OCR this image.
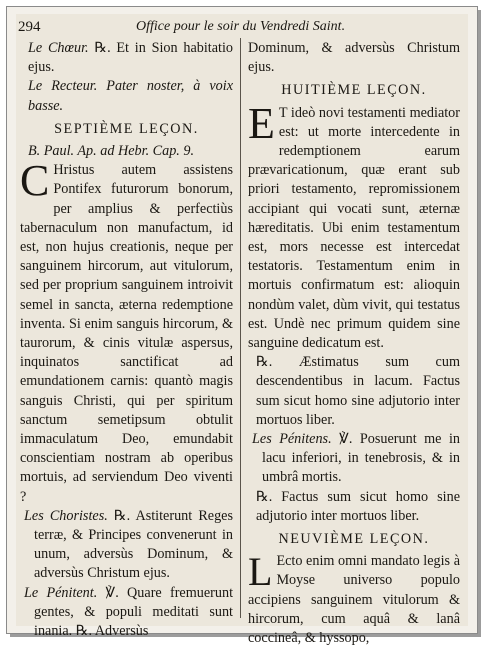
294	Office pour le soir du Vendredi Saint.

Le Chœur. ℞. Et in Sion habitatio ejus.

Le Recteur. Pater noster, à voix basse.

SEPTIÈME LEÇON.

B. Paul. Ap. ad Hebr. Cap. 9.

C Hristus autem assistens Pontifex futurorum bonorum, per amplius & perfectiùs tabernaculum non manufactum, id est, non hujus creationis, neque per sanguinem hircorum, aut vitulorum, sed per proprium sanguinem introivit semel in sancta, æterna redemptione inventa. Si enim sanguis hircorum, & taurorum, & cinis vitulæ aspersus, inquinatos sanctificat ad emundationem carnis: quantò magis sanguis Christi, qui per spiritum sanctum semetipsum obtulit immaculatum Deo, emundabit conscientiam nostram ab operibus mortuis, ad serviendum Deo viventi ?

Les Choristes. ℞. Astiterunt Reges terræ, & Principes convenerunt in unum, adversùs Dominum, & adversùs Christum ejus.

Le Pénitent. ℣. Quare fremuerunt gentes, & populi meditati sunt inania. ℞. Adversùs

Dominum, & adversùs Christum ejus.

HUITIÈME LEÇON.

E T ideò novi testamenti mediator est: ut morte intercedente in redemptionem earum prævaricationum, quæ erant sub priori testamento, repromissionem accipiant qui vocati sunt, æternæ hæreditatis. Ubi enim testamentum est, mors necesse est intercedat testatoris. Testamentum enim in mortuis confirmatum est: alioquin nondùm valet, dùm vivit, qui testatus est. Undè nec primum quidem sine sanguine dedicatum est.

℞. Æstimatus sum cum descendentibus in lacum. Factus sum sicut homo sine adjutorio inter mortuos liber.

Les Pénitens. ℣. Posuerunt me in lacu inferiori, in tenebrosis, & in umbrâ mortis.

℞. Factus sum sicut homo sine adjutorio inter mortuos liber.

NEUVIÈME LEÇON.

L Ecto enim omni mandato legis à Moyse universo populo accipiens sanguinem vitulorum & hircorum, cum aquâ & lanâ coccineâ, & hyssopo,
